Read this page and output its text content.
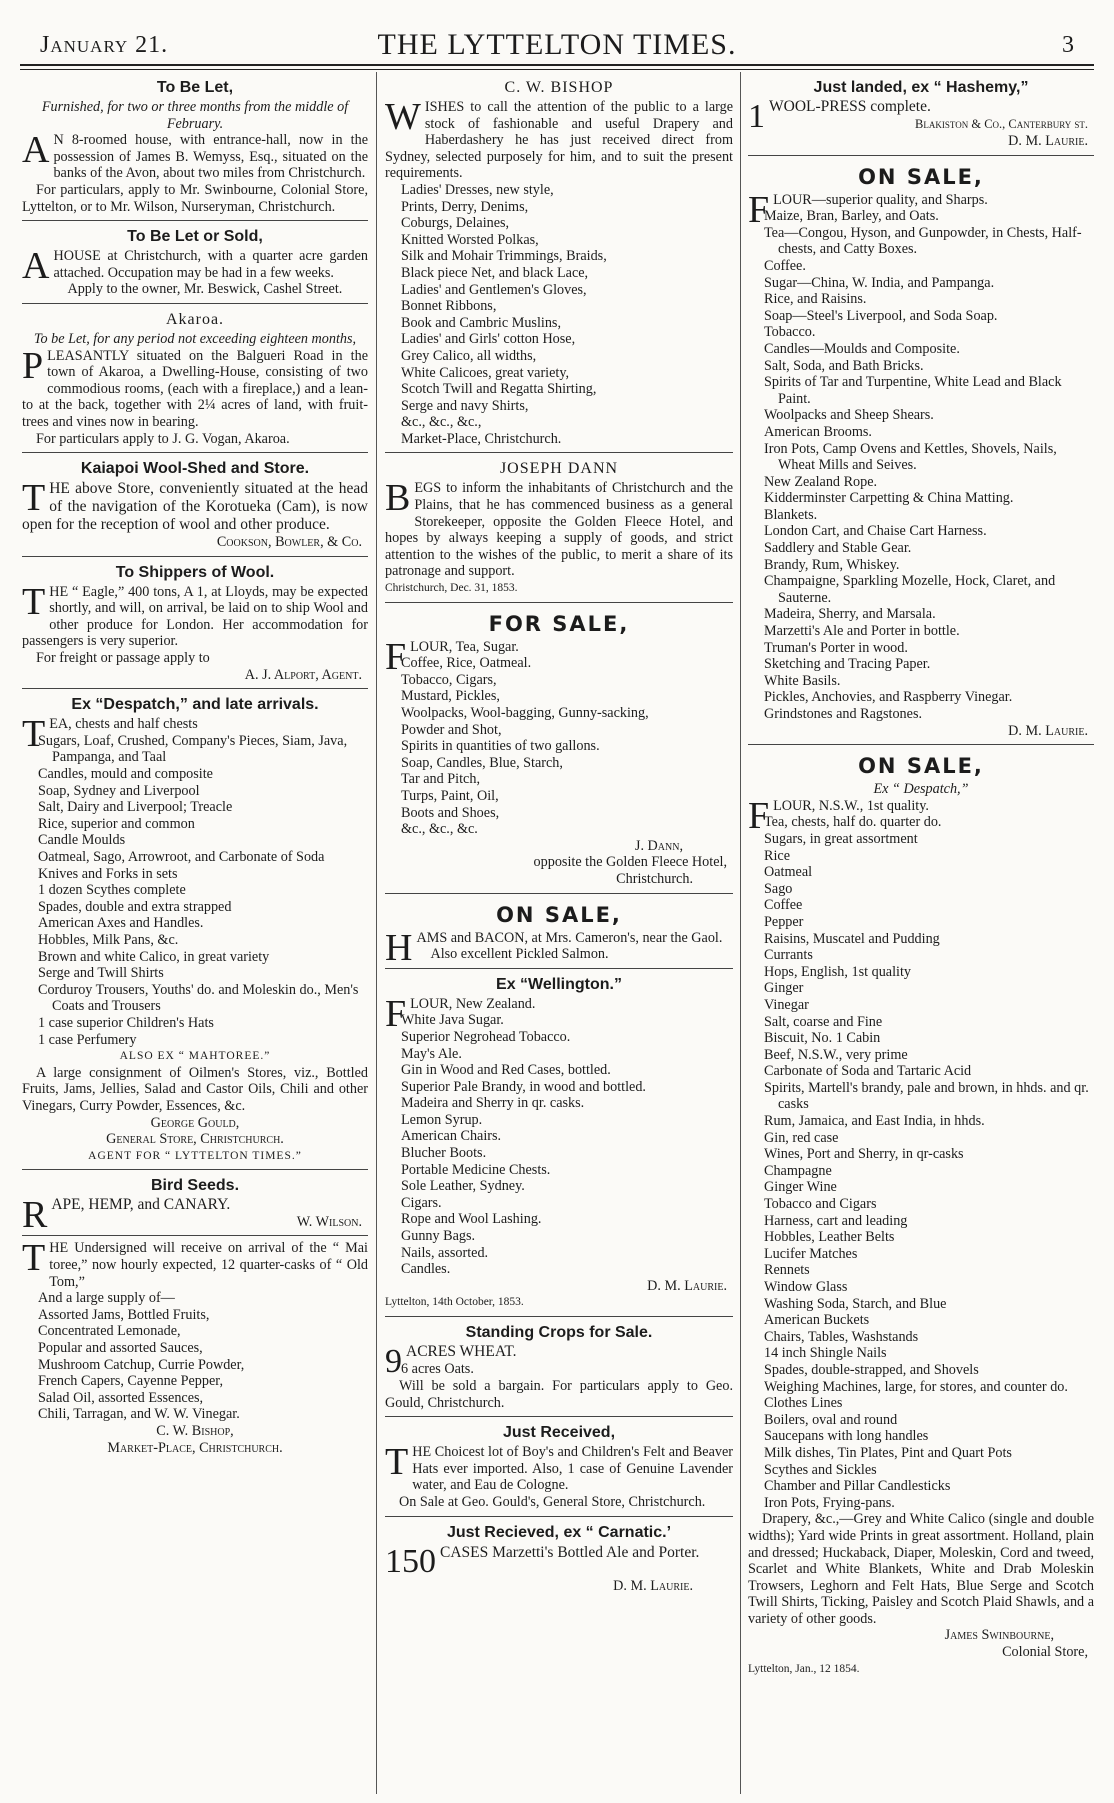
January 21.	THE LYTTELTON TIMES.	3
To Be Let,
Furnished, for two or three months from the middle of February.

A N 8-roomed house, with entrance-hall, now in the possession of James B. Wemyss, Esq., situated on the banks of the Avon, about two miles from Christchurch.

For particulars, apply to Mr. Swinbourne, Colonial Store, Lyttelton, or to Mr. Wilson, Nurseryman, Christchurch.

To Be Let or Sold,

AHOUSE at Christchurch, with a quarter acre garden attached. Occupation may be had in a few weeks.

Apply to the owner, Mr. Beswick, Cashel Street.

Akaroa.
To be Let, for any period not exceeding eighteen months,

PLEASANTLY situated on the Balgueri Road in the town of Akaroa, a Dwelling-House, consisting of two commodious rooms, (each with a fireplace,) and a lean-to at the back, together with 2¼ acres of land, with fruit-trees and vines now in bearing.

For particulars apply to J. G. Vogan, Akaroa.

Kaiapoi Wool-Shed and Store.

THE above Store, conveniently situated at the head of the navigation of the Korotueka (Cam), is now open for the reception of wool and other produce.

Cookson, Bowler, & Co.
To Shippers of Wool.

THE “ Eagle,” 400 tons, A 1, at Lloyds, may be expected shortly, and will, on arrival, be laid on to ship Wool and other produce for London. Her accommodation for passengers is very superior.

For freight or passage apply to

A. J. Alport, Agent.
Ex “Despatch,” and late arrivals.

TEA, chests and half chests

Sugars, Loaf, Crushed, Company's Pieces, Siam, Java, Pampanga, and Taal
Candles, mould and composite
Soap, Sydney and Liverpool
Salt, Dairy and Liverpool; Treacle
Rice, superior and common
Candle Moulds
Oatmeal, Sago, Arrowroot, and Carbonate of Soda
Knives and Forks in sets
1 dozen Scythes complete
Spades, double and extra strapped
American Axes and Handles.
Hobbles, Milk Pans, &c.
Brown and white Calico, in great variety
Serge and Twill Shirts
Corduroy Trousers, Youths' do. and Moleskin do., Men's Coats and Trousers
1 case superior Children's Hats
1 case Perfumery
ALSO EX “ MAHTOREE.”

A large consignment of Oilmen's Stores, viz., Bottled Fruits, Jams, Jellies, Salad and Castor Oils, Chili and other Vinegars, Curry Powder, Essences, &c.

George Gould,
General Store, Christchurch.
AGENT FOR “ LYTTELTON TIMES.”
Bird Seeds.

RAPE, HEMP, and CANARY.

W. Wilson.

THE Undersigned will receive on arrival of the “ Mai toree,” now hourly expected, 12 quarter-casks of “ Old Tom,”

And a large supply of—
Assorted Jams, Bottled Fruits,
Concentrated Lemonade,
Popular and assorted Sauces,
Mushroom Catchup, Currie Powder,
French Capers, Cayenne Pepper,
Salad Oil, assorted Essences,
Chili, Tarragan, and W. W. Vinegar.
C. W. Bishop,
Market-Place, Christchurch.
C. W. BISHOP

WISHES to call the attention of the public to a large stock of fashionable and useful Drapery and Haberdashery he has just received direct from Sydney, selected purposely for him, and to suit the present requirements.

Ladies' Dresses, new style,
Prints, Derry, Denims,
Coburgs, Delaines,
Knitted Worsted Polkas,
Silk and Mohair Trimmings, Braids,
Black piece Net, and black Lace,
Ladies' and Gentlemen's Gloves,
Bonnet Ribbons,
Book and Cambric Muslins,
Ladies' and Girls' cotton Hose,
Grey Calico, all widths,
White Calicoes, great variety,
Scotch Twill and Regatta Shirting,
Serge and navy Shirts,
&c., &c., &c.,
Market-Place, Christchurch.
JOSEPH DANN

BEGS to inform the inhabitants of Christchurch and the Plains, that he has commenced business as a general Storekeeper, opposite the Golden Fleece Hotel, and hopes by always keeping a supply of goods, and strict attention to the wishes of the public, to merit a share of its patronage and support.

Christchurch, Dec. 31, 1853.
FOR SALE,

FLOUR, Tea, Sugar.

Coffee, Rice, Oatmeal.
Tobacco, Cigars,
Mustard, Pickles,
Woolpacks, Wool-bagging, Gunny-sacking,
Powder and Shot,
Spirits in quantities of two gallons.
Soap, Candles, Blue, Starch,
Tar and Pitch,
Turps, Paint, Oil,
Boots and Shoes,
&c., &c., &c.
J. Dann,
opposite the Golden Fleece Hotel,
Christchurch.
ON SALE,

HAMS and BACON, at Mrs. Cameron's, near the Gaol.

Also excellent Pickled Salmon.

Ex “Wellington.”

FLOUR, New Zealand.

White Java Sugar.
Superior Negrohead Tobacco.
May's Ale.
Gin in Wood and Red Cases, bottled.
Superior Pale Brandy, in wood and bottled.
Madeira and Sherry in qr. casks.
Lemon Syrup.
American Chairs.
Blucher Boots.
Portable Medicine Chests.
Sole Leather, Sydney.
Cigars.
Rope and Wool Lashing.
Gunny Bags.
Nails, assorted.
Candles.
D. M. Laurie.
Lyttelton, 14th October, 1853.
Standing Crops for Sale.

9 ACRES WHEAT.

6 acres Oats.

Will be sold a bargain. For particulars apply to Geo. Gould, Christchurch.

Just Received,

THE Choicest lot of Boy's and Children's Felt and Beaver Hats ever imported. Also, 1 case of Genuine Lavender water, and Eau de Cologne.

On Sale at Geo. Gould's, General Store, Christchurch.

Just Recieved, ex “ Carnatic.’

150 CASES Marzetti's Bottled Ale and Porter.

D. M. Laurie.
Just landed, ex “ Hashemy,”

1 WOOL-PRESS complete.

Blakiston & Co., Canterbury st.
D. M. Laurie.
ON SALE,

FLOUR—superior quality, and Sharps.

Maize, Bran, Barley, and Oats.
Tea—Congou, Hyson, and Gunpowder, in Chests, Half-chests, and Catty Boxes.
Coffee.
Sugar—China, W. India, and Pampanga.
Rice, and Raisins.
Soap—Steel's Liverpool, and Soda Soap.
Tobacco.
Candles—Moulds and Composite.
Salt, Soda, and Bath Bricks.
Spirits of Tar and Turpentine, White Lead and Black Paint.
Woolpacks and Sheep Shears.
American Brooms.
Iron Pots, Camp Ovens and Kettles, Shovels, Nails, Wheat Mills and Seives.
New Zealand Rope.
Kidderminster Carpetting & China Matting.
Blankets.
London Cart, and Chaise Cart Harness.
Saddlery and Stable Gear.
Brandy, Rum, Whiskey.
Champaigne, Sparkling Mozelle, Hock, Claret, and Sauterne.
Madeira, Sherry, and Marsala.
Marzetti's Ale and Porter in bottle.
Truman's Porter in wood.
Sketching and Tracing Paper.
White Basils.
Pickles, Anchovies, and Raspberry Vinegar.
Grindstones and Ragstones.
D. M. Laurie.
ON SALE,
Ex “ Despatch,”

FLOUR, N.S.W., 1st quality.

Tea, chests, half do. quarter do.
Sugars, in great assortment
Rice
Oatmeal
Sago
Coffee
Pepper
Raisins, Muscatel and Pudding
Currants
Hops, English, 1st quality
Ginger
Vinegar
Salt, coarse and Fine
Biscuit, No. 1 Cabin
Beef, N.S.W., very prime
Carbonate of Soda and Tartaric Acid
Spirits, Martell's brandy, pale and brown, in hhds. and qr. casks
Rum, Jamaica, and East India, in hhds.
Gin, red case
Wines, Port and Sherry, in qr-casks
Champagne
Ginger Wine
Tobacco and Cigars
Harness, cart and leading
Hobbles, Leather Belts
Lucifer Matches
Rennets
Window Glass
Washing Soda, Starch, and Blue
American Buckets
Chairs, Tables, Washstands
14 inch Shingle Nails
Spades, double-strapped, and Shovels
Weighing Machines, large, for stores, and counter do.
Clothes Lines
Boilers, oval and round
Saucepans with long handles
Milk dishes, Tin Plates, Pint and Quart Pots
Scythes and Sickles
Chamber and Pillar Candlesticks
Iron Pots, Frying-pans.

Drapery, &c.,—Grey and White Calico (single and double widths); Yard wide Prints in great assortment. Holland, plain and dressed; Huckaback, Diaper, Moleskin, Cord and tweed, Scarlet and White Blankets, White and Drab Moleskin Trowsers, Leghorn and Felt Hats, Blue Serge and Scotch Twill Shirts, Ticking, Paisley and Scotch Plaid Shawls, and a variety of other goods.

James Swinbourne,
Colonial Store,
Lyttelton, Jan., 12 1854.
